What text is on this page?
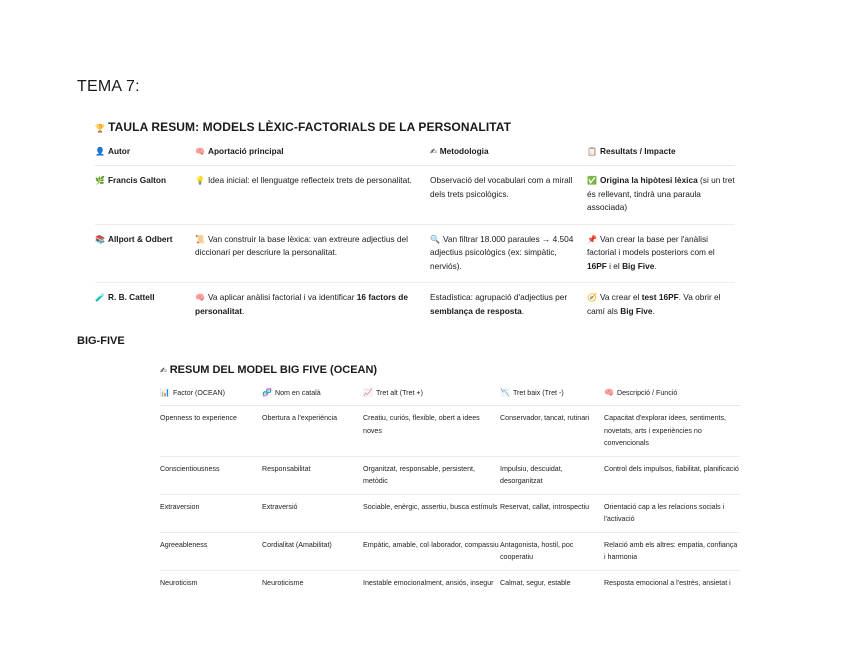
TEMA 7:
🏆 TAULA RESUM: MODELS LÈXIC-FACTORIALS DE LA PERSONALITAT
👤 Autor	🧠 Aportació principal	✍ Metodologia	📋 Resultats / Impacte
🌿 Francis Galton	💡 Idea inicial: el llenguatge reflecteix trets de personalitat.	Observació del vocabulari com a mirall dels trets psicològics.	✅ Origina la hipòtesi lèxica (si un tret és rellevant, tindrà una paraula associada)
📚 Allport & Odbert	📜 Van construir la base lèxica: van extreure adjectius del diccionari per descriure la personalitat.	🔍 Van filtrar 18.000 paraules → 4.504 adjectius psicològics (ex: simpàtic, nerviós).	📌 Van crear la base per l'anàlisi factorial i models posteriors com el 16PF i el Big Five.
🧪 R. B. Cattell	🧠 Va aplicar anàlisi factorial i va identificar 16 factors de personalitat.	Estadística: agrupació d'adjectius per semblança de resposta.	🧭 Va crear el test 16PF. Va obrir el camí als Big Five.
BIG-FIVE
✍ RESUM DEL MODEL BIG FIVE (OCEAN)
📊 Factor (OCEAN)	🧬 Nom en català	📈 Tret alt (Tret +)	📉 Tret baix (Tret -)	🧠 Descripció / Funció
Openness to experience	Obertura a l'experiència	Creatiu, curiós, flexible, obert a idees noves	Conservador, tancat, rutinari	Capacitat d'explorar idees, sentiments, novetats, arts i experiències no convencionals
Conscientiousness	Responsabilitat	Organitzat, responsable, persistent, metòdic	Impulsiu, descuidat, desorganitzat	Control dels impulsos, fiabilitat, planificació
Extraversion	Extraversió	Sociable, enèrgic, assertiu, busca estímuls	Reservat, callat, introspectiu	Orientació cap a les relacions socials i l'activació
Agreeableness	Cordialitat (Amabilitat)	Empàtic, amable, col·laborador, compassiu	Antagonista, hostil, poc cooperatiu	Relació amb els altres: empatia, confiança i harmonia
Neuroticism	Neuroticisme	Inestable emocionalment, ansiós, insegur	Calmat, segur, estable	Resposta emocional a l'estrès, ansietat i
